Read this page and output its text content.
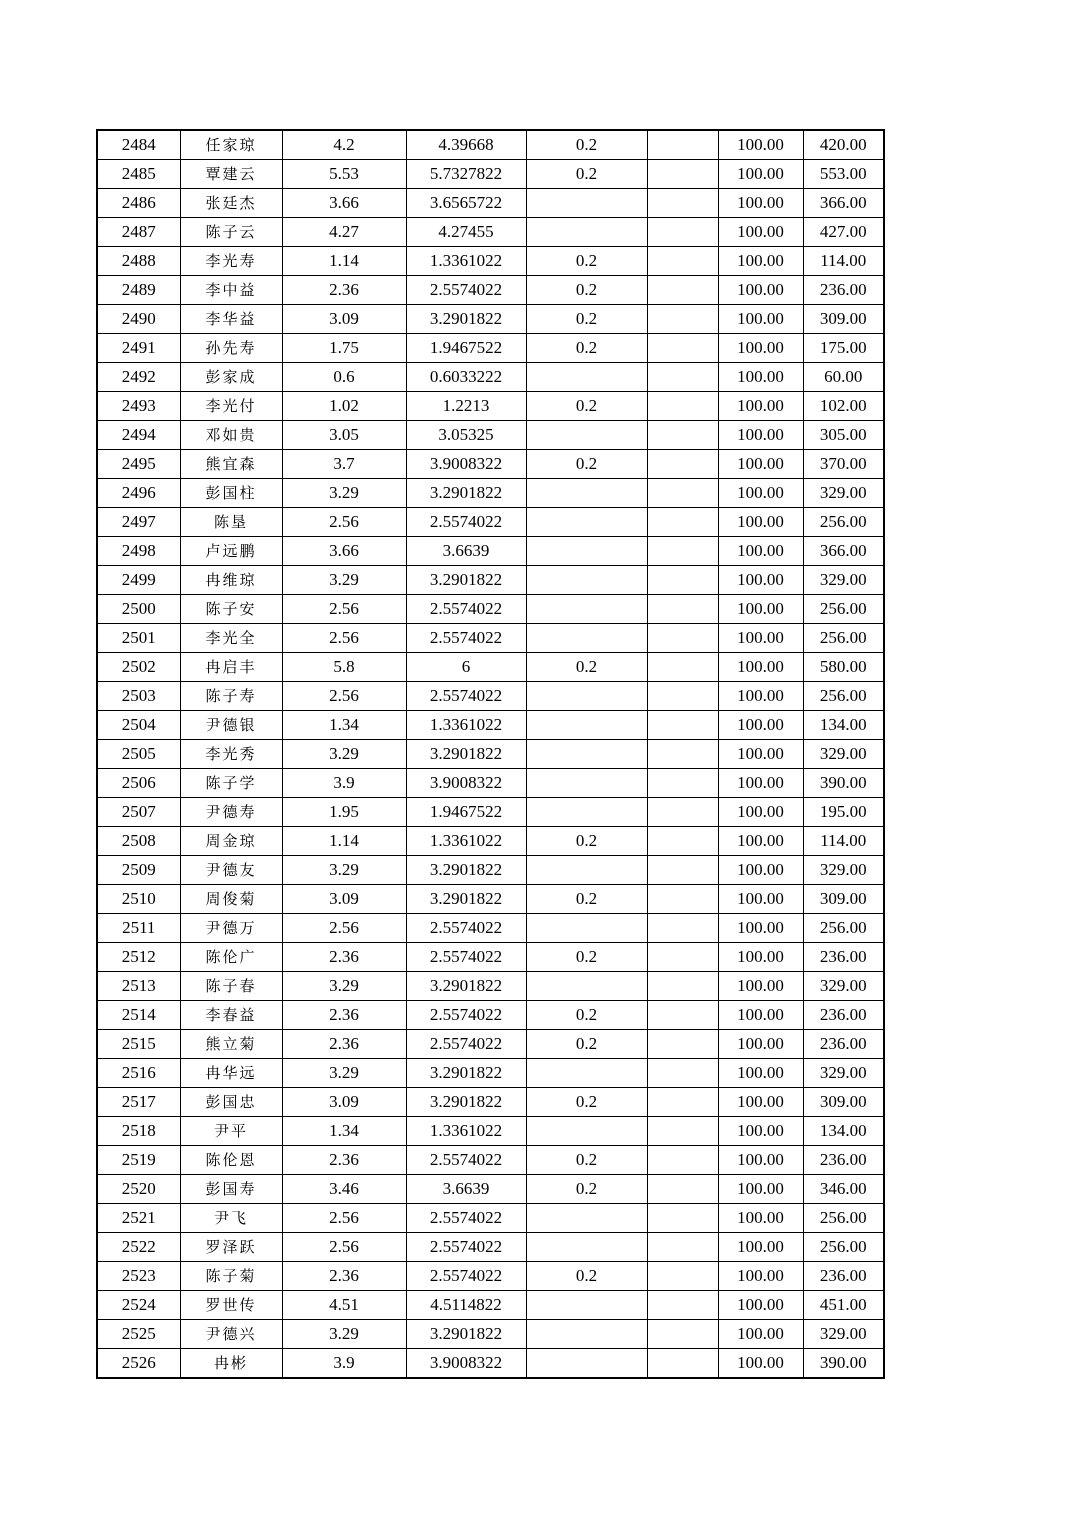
2484	任家琼	4.2	4.39668	0.2		100.00	420.00
2485	覃建云	5.53	5.7327822	0.2		100.00	553.00
2486	张廷杰	3.66	3.6565722			100.00	366.00
2487	陈子云	4.27	4.27455			100.00	427.00
2488	李光寿	1.14	1.3361022	0.2		100.00	114.00
2489	李中益	2.36	2.5574022	0.2		100.00	236.00
2490	李华益	3.09	3.2901822	0.2		100.00	309.00
2491	孙先寿	1.75	1.9467522	0.2		100.00	175.00
2492	彭家成	0.6	0.6033222			100.00	60.00
2493	李光付	1.02	1.2213	0.2		100.00	102.00
2494	邓如贵	3.05	3.05325			100.00	305.00
2495	熊宜森	3.7	3.9008322	0.2		100.00	370.00
2496	彭国柱	3.29	3.2901822			100.00	329.00
2497	陈垦	2.56	2.5574022			100.00	256.00
2498	卢远鹏	3.66	3.6639			100.00	366.00
2499	冉维琼	3.29	3.2901822			100.00	329.00
2500	陈子安	2.56	2.5574022			100.00	256.00
2501	李光全	2.56	2.5574022			100.00	256.00
2502	冉启丰	5.8	6	0.2		100.00	580.00
2503	陈子寿	2.56	2.5574022			100.00	256.00
2504	尹德银	1.34	1.3361022			100.00	134.00
2505	李光秀	3.29	3.2901822			100.00	329.00
2506	陈子学	3.9	3.9008322			100.00	390.00
2507	尹德寿	1.95	1.9467522			100.00	195.00
2508	周金琼	1.14	1.3361022	0.2		100.00	114.00
2509	尹德友	3.29	3.2901822			100.00	329.00
2510	周俊菊	3.09	3.2901822	0.2		100.00	309.00
2511	尹德万	2.56	2.5574022			100.00	256.00
2512	陈伦广	2.36	2.5574022	0.2		100.00	236.00
2513	陈子春	3.29	3.2901822			100.00	329.00
2514	李春益	2.36	2.5574022	0.2		100.00	236.00
2515	熊立菊	2.36	2.5574022	0.2		100.00	236.00
2516	冉华远	3.29	3.2901822			100.00	329.00
2517	彭国忠	3.09	3.2901822	0.2		100.00	309.00
2518	尹平	1.34	1.3361022			100.00	134.00
2519	陈伦恩	2.36	2.5574022	0.2		100.00	236.00
2520	彭国寿	3.46	3.6639	0.2		100.00	346.00
2521	尹飞	2.56	2.5574022			100.00	256.00
2522	罗泽跃	2.56	2.5574022			100.00	256.00
2523	陈子菊	2.36	2.5574022	0.2		100.00	236.00
2524	罗世传	4.51	4.5114822			100.00	451.00
2525	尹德兴	3.29	3.2901822			100.00	329.00
2526	冉彬	3.9	3.9008322			100.00	390.00
